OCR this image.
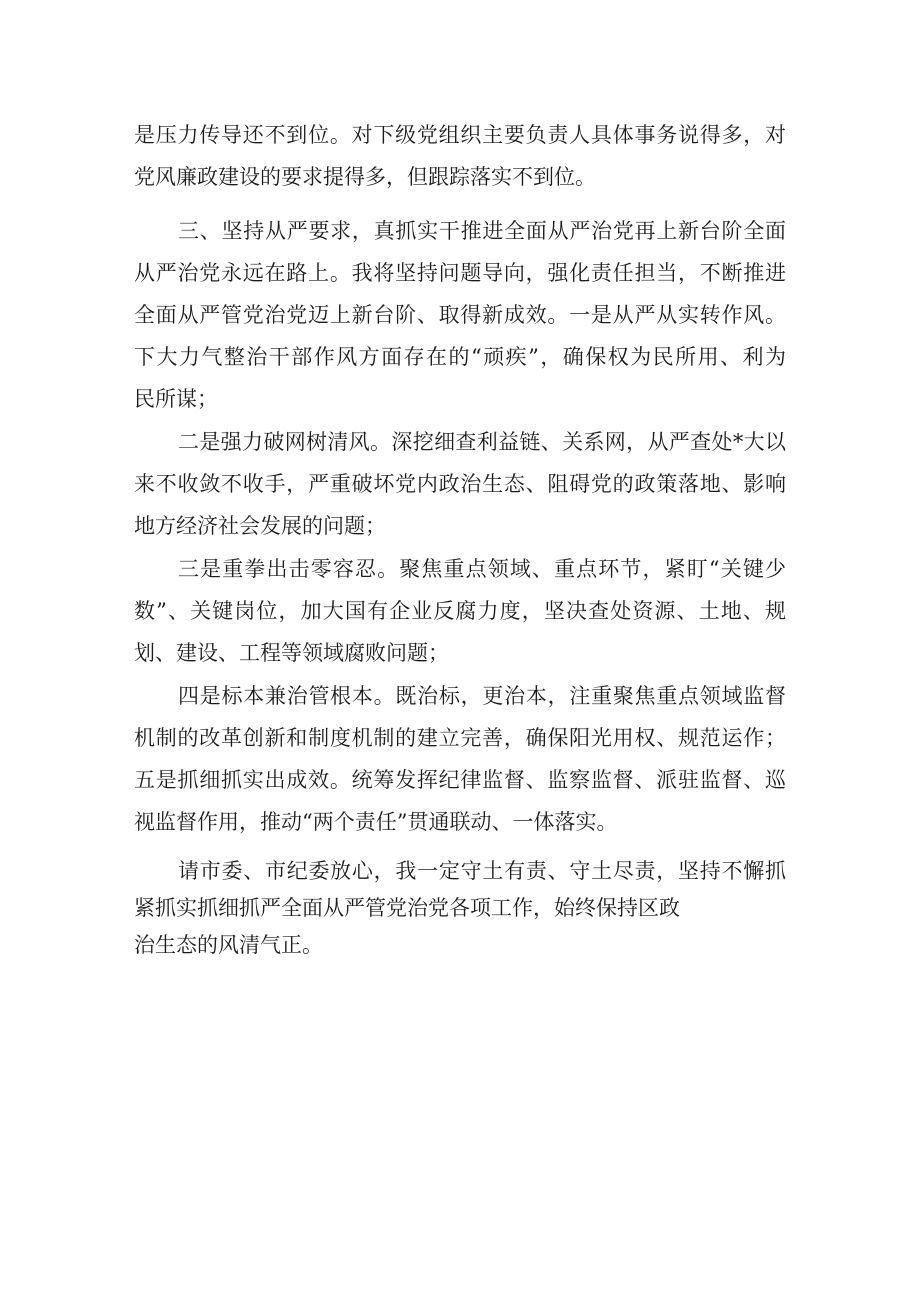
是压力传导还不到位。对下级党组织主要负责人具体事务说得多，对
党风廉政建设的要求提得多，但跟踪落实不到位。
三、坚持从严要求，真抓实干推进全面从严治党再上新台阶全面
从严治党永远在路上。我将坚持问题导向，强化责任担当，不断推进
全面从严管党治党迈上新台阶、取得新成效。一是从严从实转作风。
下大力气整治干部作风方面存在的“顽疾”，确保权为民所用、利为
民所谋；
二是强力破网树清风。深挖细查利益链、关系网，从严查处*大以
来不收敛不收手，严重破坏党内政治生态、阻碍党的政策落地、影响
地方经济社会发展的问题；
三是重拳出击零容忍。聚焦重点领域、重点环节，紧盯“关键少
数”、关键岗位，加大国有企业反腐力度，坚决查处资源、土地、规
划、建设、工程等领域腐败问题；
四是标本兼治管根本。既治标，更治本，注重聚焦重点领域监督
机制的改革创新和制度机制的建立完善，确保阳光用权、规范运作；
五是抓细抓实出成效。统筹发挥纪律监督、监察监督、派驻监督、巡
视监督作用，推动“两个责任”贯通联动、一体落实。
请市委、市纪委放心，我一定守土有责、守土尽责，坚持不懈抓
紧抓实抓细抓严全面从严管党治党各项工作，始终保持区政
治生态的风清气正。
